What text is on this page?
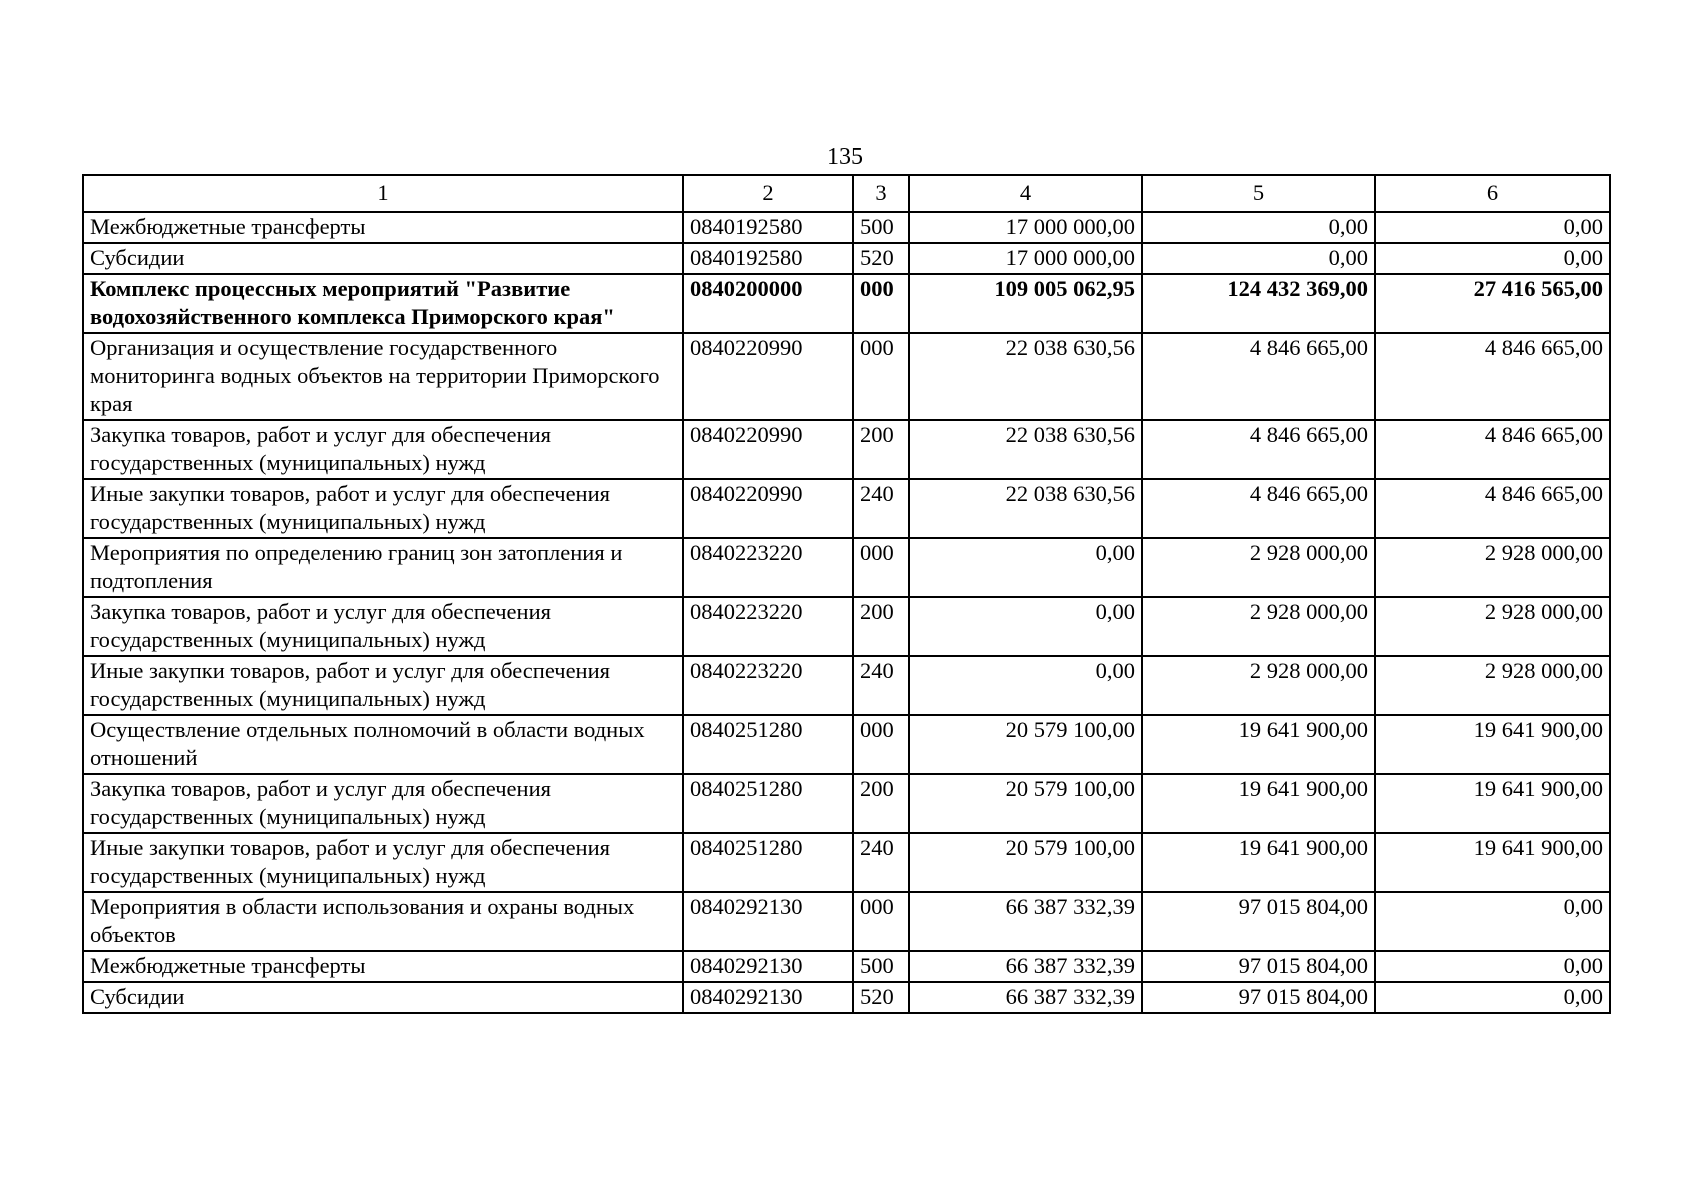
135
1	2	3	4	5	6
Межбюджетные трансферты	0840192580	500	17 000 000,00	0,00	0,00
Субсидии	0840192580	520	17 000 000,00	0,00	0,00
Комплекс процессных мероприятий "Развитие водохозяйственного комплекса Приморского края"	0840200000	000	109 005 062,95	124 432 369,00	27 416 565,00
Организация и осуществление государственного мониторинга водных объектов на территории Приморского края	0840220990	000	22 038 630,56	4 846 665,00	4 846 665,00
Закупка товаров, работ и услуг для обеспечения государственных (муниципальных) нужд	0840220990	200	22 038 630,56	4 846 665,00	4 846 665,00
Иные закупки товаров, работ и услуг для обеспечения государственных (муниципальных) нужд	0840220990	240	22 038 630,56	4 846 665,00	4 846 665,00
Мероприятия по определению границ зон затопления и подтопления	0840223220	000	0,00	2 928 000,00	2 928 000,00
Закупка товаров, работ и услуг для обеспечения государственных (муниципальных) нужд	0840223220	200	0,00	2 928 000,00	2 928 000,00
Иные закупки товаров, работ и услуг для обеспечения государственных (муниципальных) нужд	0840223220	240	0,00	2 928 000,00	2 928 000,00
Осуществление отдельных полномочий в области водных отношений	0840251280	000	20 579 100,00	19 641 900,00	19 641 900,00
Закупка товаров, работ и услуг для обеспечения государственных (муниципальных) нужд	0840251280	200	20 579 100,00	19 641 900,00	19 641 900,00
Иные закупки товаров, работ и услуг для обеспечения государственных (муниципальных) нужд	0840251280	240	20 579 100,00	19 641 900,00	19 641 900,00
Мероприятия в области использования и охраны водных объектов	0840292130	000	66 387 332,39	97 015 804,00	0,00
Межбюджетные трансферты	0840292130	500	66 387 332,39	97 015 804,00	0,00
Субсидии	0840292130	520	66 387 332,39	97 015 804,00	0,00
